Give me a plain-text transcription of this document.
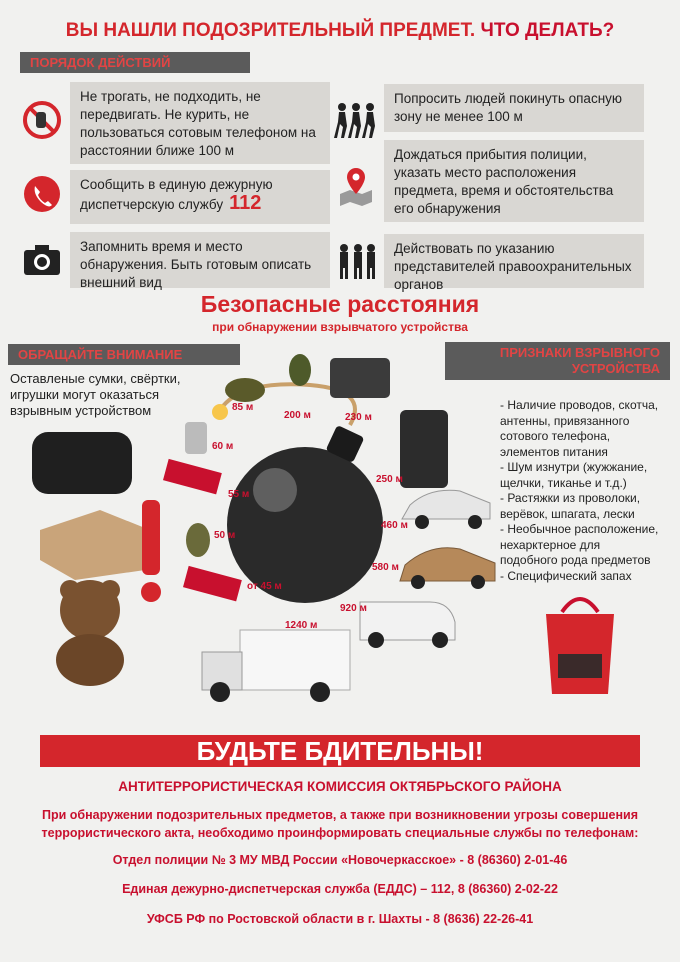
ВЫ НАШЛИ ПОДОЗРИТЕЛЬНЫЙ ПРЕДМЕТ. ЧТО ДЕЛАТЬ?
ПОРЯДОК ДЕЙСТВИЙ
Не трогать, не подходить, не передвигать. Не курить, не пользоваться сотовым телефоном на расстоянии ближе 100 м
Сообщить в единую дежурную диспетчерскую службу 112
Запомнить время и место обнаружения. Быть готовым описать внешний вид
Попросить людей покинуть опасную зону не менее 100 м
Дождаться прибытия полиции, указать место расположения предмета, время и обстоятельства его обнаружения
Действовать по указанию представителей правоохранительных органов
Безопасные расстояния
при обнаружении взрывчатого устройства
ОБРАЩАЙТЕ ВНИМАНИЕ
Оставленые сумки, свёртки, игрушки могут оказаться взрывным устройством
ПРИЗНАКИ ВЗРЫВНОГО УСТРОЙСТВА
- Наличие проводов, скотча, антенны, привязанного сотового телефона, элементов питания
- Шум изнутри (жужжание, щелчки, тиканье и т.д.)
- Растяжки из проволоки, верёвок, шпагата, лески
- Необычное расположение, нехарктерное для подобного рода предметов
- Специфический запах
85 м
200 м	230 м
60 м
250 м
55 м
460 м
50 м
580 м
от 45 м
920 м
1240 м
БУДЬТЕ БДИТЕЛЬНЫ!
АНТИТЕРРОРИСТИЧЕСКАЯ КОМИССИЯ ОКТЯБРЬСКОГО РАЙОНА
При обнаружении подозрительных предметов, а также при возникновении угрозы совершения террористического акта, необходимо проинформировать специальные службы по телефонам:
Отдел полиции № 3 МУ МВД России «Новочеркасское» - 8 (86360) 2-01-46
Единая дежурно-диспетчерская служба (ЕДДС) – 112, 8 (86360) 2-02-22
УФСБ РФ по Ростовской области в г. Шахты - 8 (8636) 22-26-41
